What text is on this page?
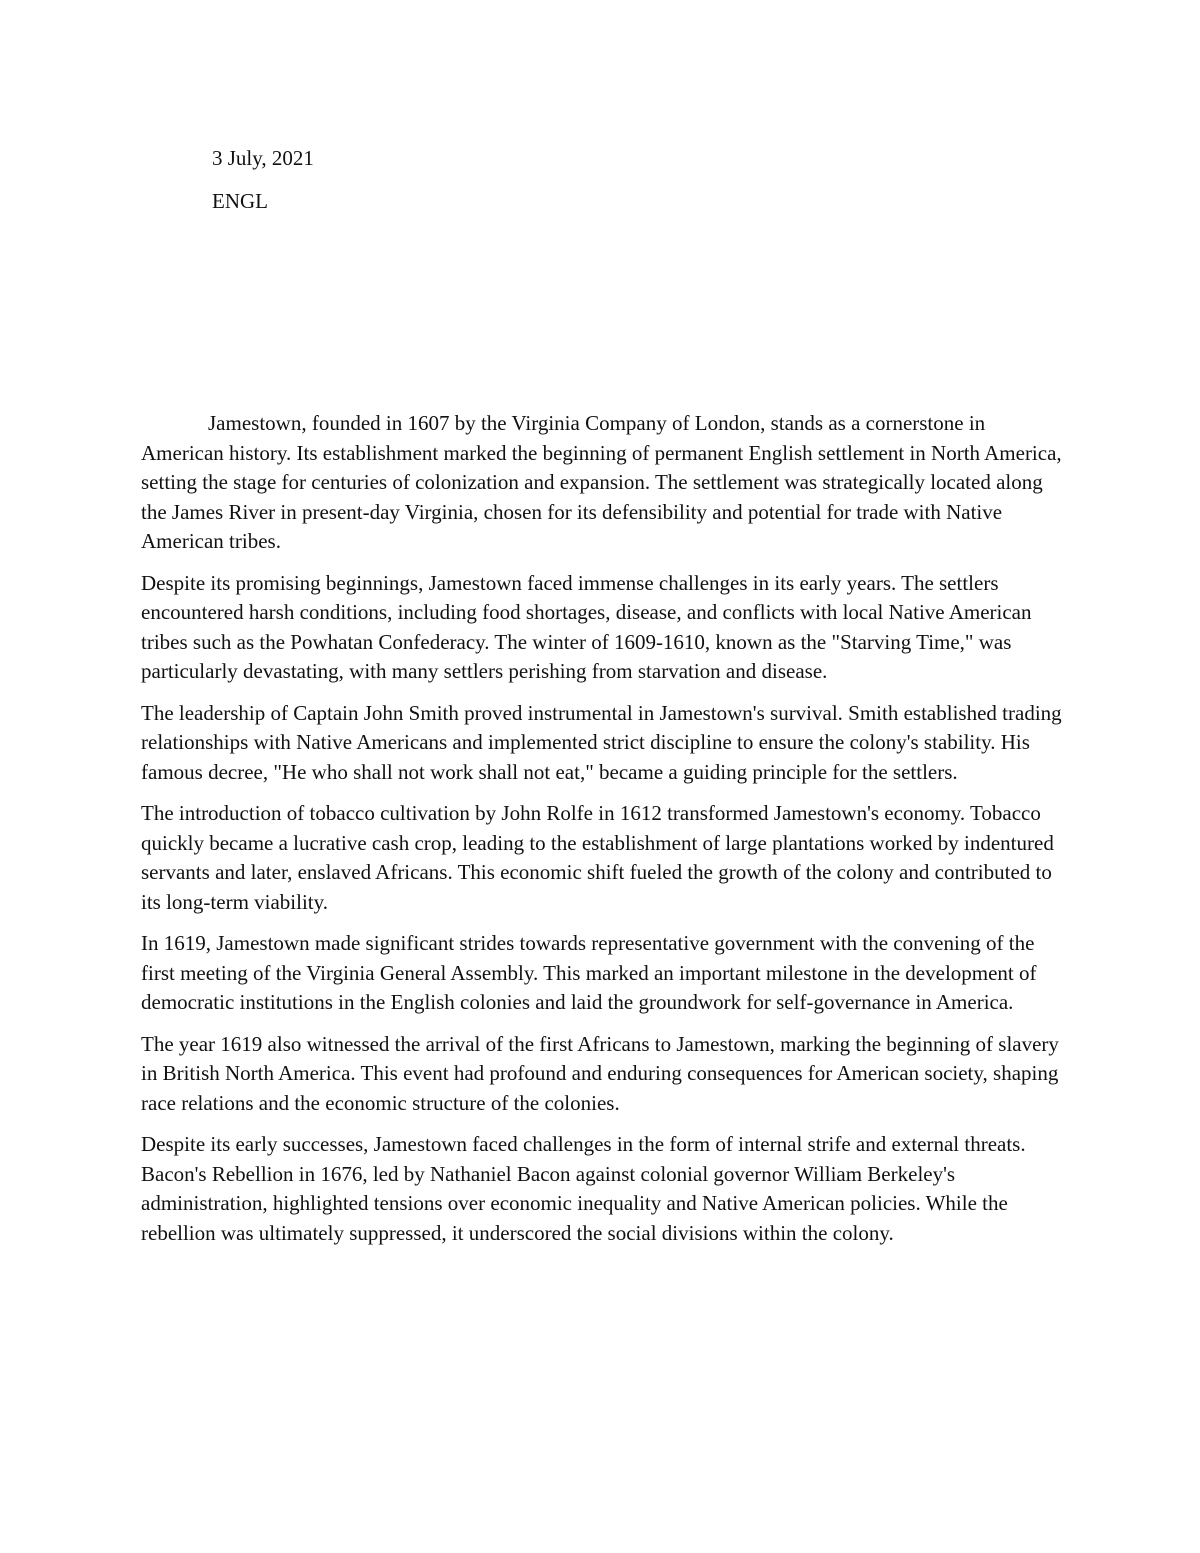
3 July, 2021

ENGL

Jamestown, founded in 1607 by the Virginia Company of London, stands as a cornerstone in American history. Its establishment marked the beginning of permanent English settlement in North America, setting the stage for centuries of colonization and expansion. The settlement was strategically located along the James River in present-day Virginia, chosen for its defensibility and potential for trade with Native American tribes.

Despite its promising beginnings, Jamestown faced immense challenges in its early years. The settlers encountered harsh conditions, including food shortages, disease, and conflicts with local Native American tribes such as the Powhatan Confederacy. The winter of 1609-1610, known as the "Starving Time," was particularly devastating, with many settlers perishing from starvation and disease.

The leadership of Captain John Smith proved instrumental in Jamestown's survival. Smith established trading relationships with Native Americans and implemented strict discipline to ensure the colony's stability. His famous decree, "He who shall not work shall not eat," became a guiding principle for the settlers.

The introduction of tobacco cultivation by John Rolfe in 1612 transformed Jamestown's economy. Tobacco quickly became a lucrative cash crop, leading to the establishment of large plantations worked by indentured servants and later, enslaved Africans. This economic shift fueled the growth of the colony and contributed to its long-term viability.

In 1619, Jamestown made significant strides towards representative government with the convening of the first meeting of the Virginia General Assembly. This marked an important milestone in the development of democratic institutions in the English colonies and laid the groundwork for self-governance in America.

The year 1619 also witnessed the arrival of the first Africans to Jamestown, marking the beginning of slavery in British North America. This event had profound and enduring consequences for American society, shaping race relations and the economic structure of the colonies.

Despite its early successes, Jamestown faced challenges in the form of internal strife and external threats. Bacon's Rebellion in 1676, led by Nathaniel Bacon against colonial governor William Berkeley's administration, highlighted tensions over economic inequality and Native American policies. While the rebellion was ultimately suppressed, it underscored the social divisions within the colony.
